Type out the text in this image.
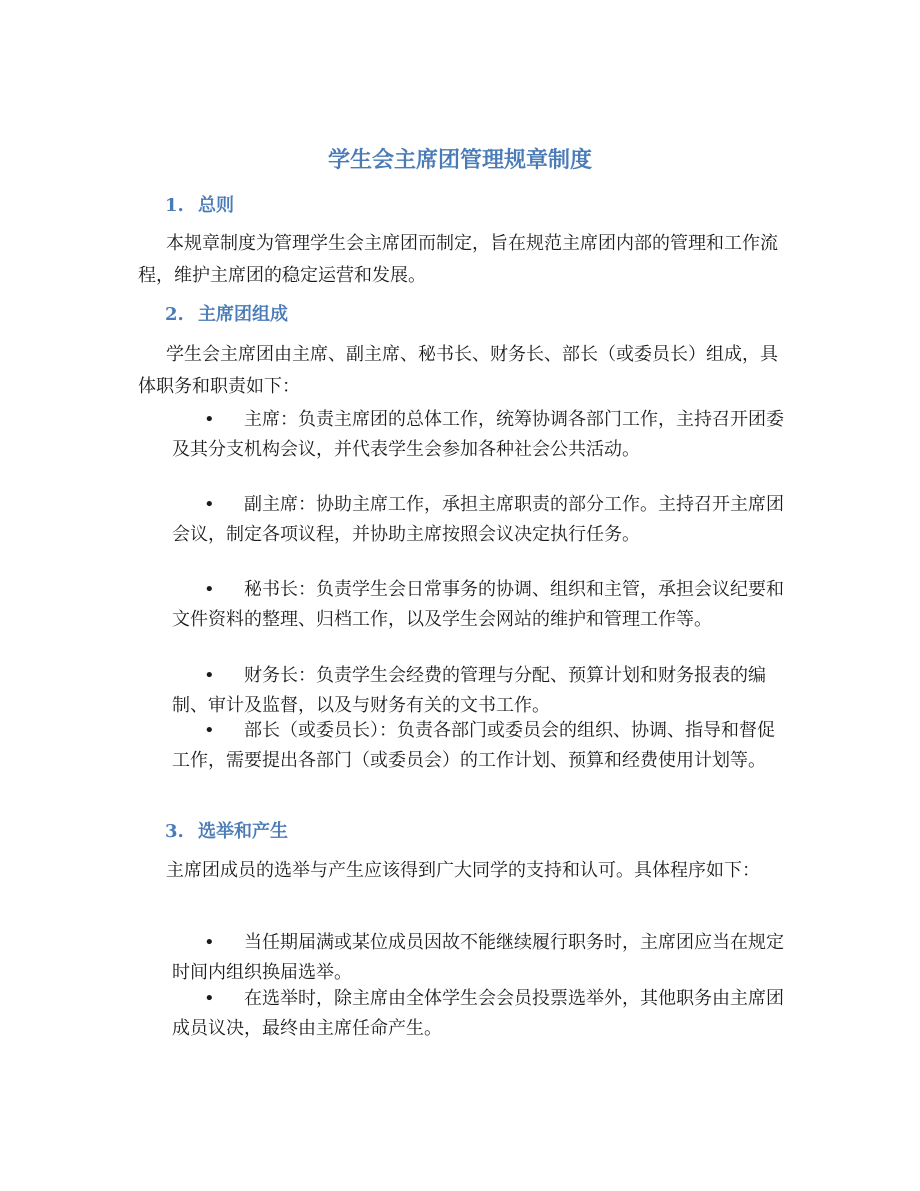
学生会主席团管理规章制度
1. 总则

本规章制度为管理学生会主席团而制定，旨在规范主席团内部的管理和工作流程，维护主席团的稳定运营和发展。

2. 主席团组成

学生会主席团由主席、副主席、秘书长、财务长、部长（或委员长）组成，具体职务和职责如下：

• 主席：负责主席团的总体工作，统筹协调各部门工作，主持召开团委及其分支机构会议，并代表学生会参加各种社会公共活动。
• 副主席：协助主席工作，承担主席职责的部分工作。主持召开主席团会议，制定各项议程，并协助主席按照会议决定执行任务。
• 秘书长：负责学生会日常事务的协调、组织和主管，承担会议纪要和文件资料的整理、归档工作，以及学生会网站的维护和管理工作等。
• 财务长：负责学生会经费的管理与分配、预算计划和财务报表的编制、审计及监督，以及与财务有关的文书工作。
• 部长（或委员长）：负责各部门或委员会的组织、协调、指导和督促工作，需要提出各部门（或委员会）的工作计划、预算和经费使用计划等。
3. 选举和产生

主席团成员的选举与产生应该得到广大同学的支持和认可。具体程序如下：

• 当任期届满或某位成员因故不能继续履行职务时，主席团应当在规定时间内组织换届选举。
• 在选举时，除主席由全体学生会会员投票选举外，其他职务由主席团成员议决，最终由主席任命产生。
